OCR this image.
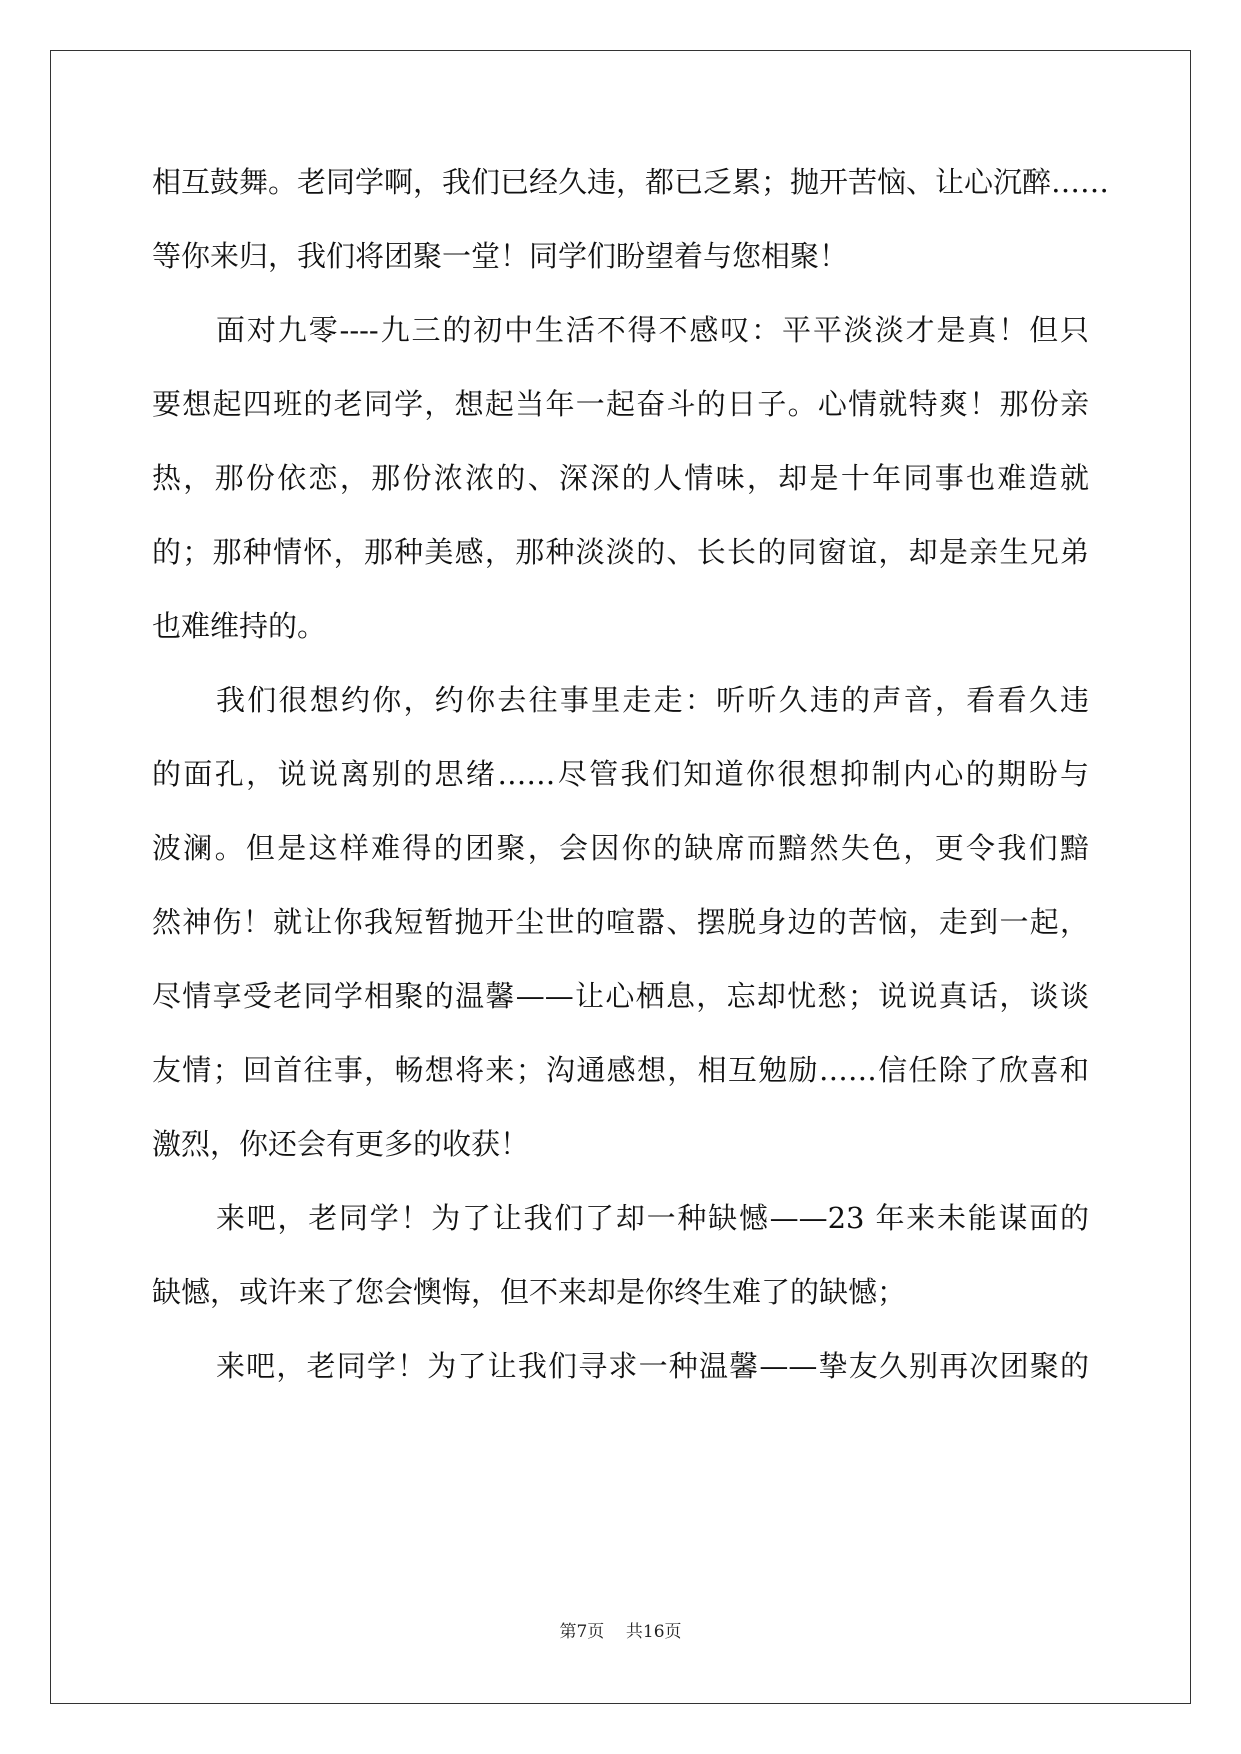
相互鼓舞。老同学啊，我们已经久违，都已乏累；抛开苦恼、让心沉醉……
等你来归，我们将团聚一堂！同学们盼望着与您相聚！
面对九零----九三的初中生活不得不感叹：平平淡淡才是真！但只
要想起四班的老同学，想起当年一起奋斗的日子。心情就特爽！那份亲
热，那份依恋，那份浓浓的、深深的人情味，却是十年同事也难造就
的；那种情怀，那种美感，那种淡淡的、长长的同窗谊，却是亲生兄弟
也难维持的。
我们很想约你，约你去往事里走走：听听久违的声音，看看久违
的面孔，说说离别的思绪……尽管我们知道你很想抑制内心的期盼与
波澜。但是这样难得的团聚，会因你的缺席而黯然失色，更令我们黯
然神伤！就让你我短暂抛开尘世的喧嚣、摆脱身边的苦恼，走到一起，
尽情享受老同学相聚的温馨——让心栖息，忘却忧愁；说说真话，谈谈
友情；回首往事，畅想将来；沟通感想，相互勉励……信任除了欣喜和
激烈，你还会有更多的收获！
来吧，老同学！为了让我们了却一种缺憾——23 年来未能谋面的
缺憾，或许来了您会懊悔，但不来却是你终生难了的缺憾；
来吧，老同学！为了让我们寻求一种温馨——挚友久别再次团聚的
第7页 共16页
